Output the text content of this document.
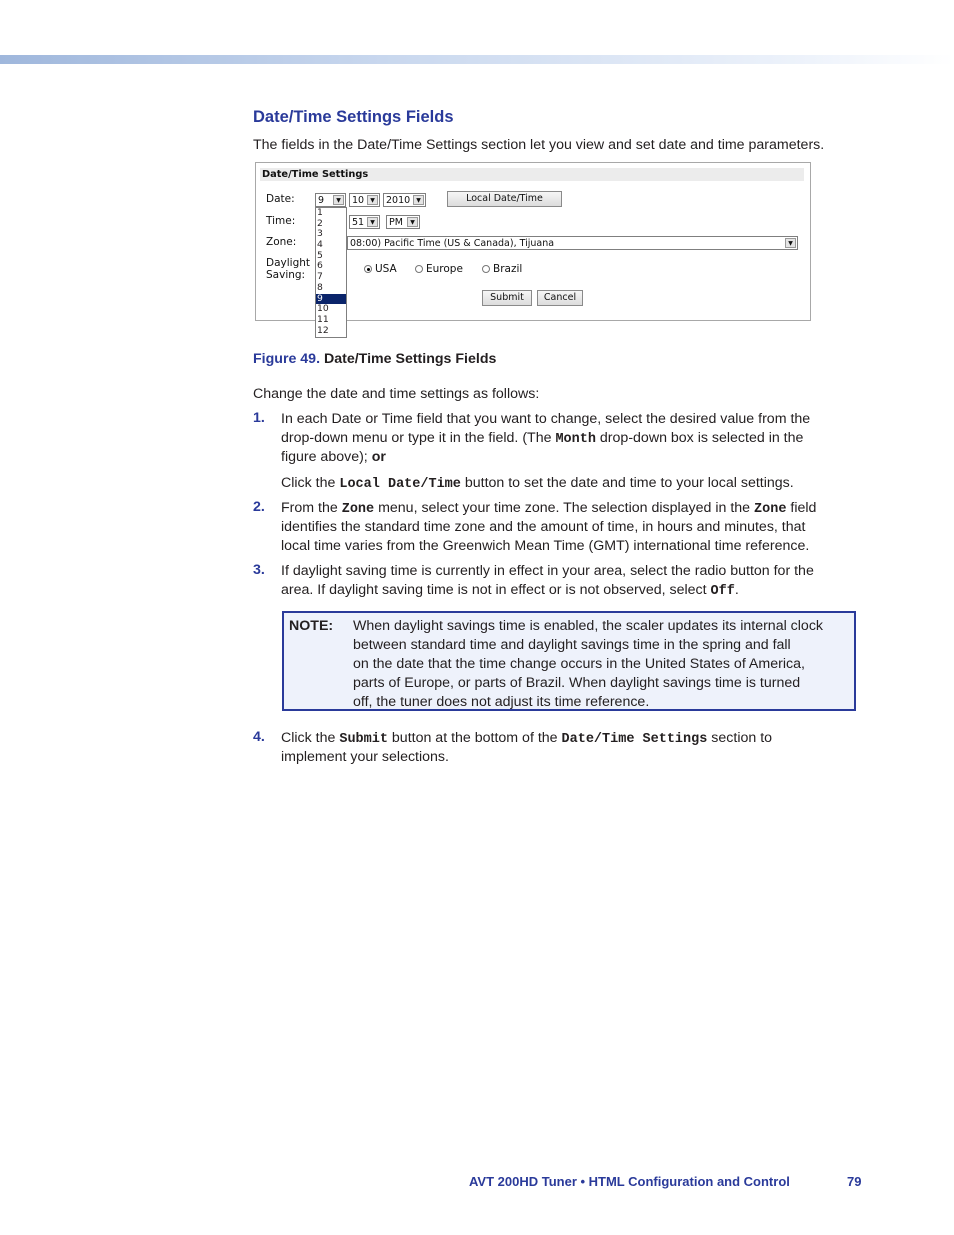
Date/Time Settings Fields
The fields in the Date/Time Settings section let you view and set date and time parameters.
Date/Time Settings
Date:	9	▼	10	▼	2010	▼	Local Date/Time
Time:	51	▼	PM	▼
Zone:	08:00) Pacific Time (US & Canada), Tijuana	▼
Daylight
Saving:	USA	Europe	Brazil
Submit	Cancel
1
2
3
4
5
6
7
8
9
10
11
12
Figure 49. Date/Time Settings Fields
Change the date and time settings as follows:
1. In each Date or Time field that you want to change, select the desired value from the
drop-down menu or type it in the field. (The Month drop-down box is selected in the
figure above); or
Click the Local Date/Time button to set the date and time to your local settings.
2. From the Zone menu, select your time zone. The selection displayed in the Zone field
identifies the standard time zone and the amount of time, in hours and minutes, that
local time varies from the Greenwich Mean Time (GMT) international time reference.
3. If daylight saving time is currently in effect in your area, select the radio button for the
area. If daylight saving time is not in effect or is not observed, select Off.
NOTE: When daylight savings time is enabled, the scaler updates its internal clock
between standard time and daylight savings time in the spring and fall
on the date that the time change occurs in the United States of America,
parts of Europe, or parts of Brazil. When daylight savings time is turned
off, the tuner does not adjust its time reference.
4. Click the Submit button at the bottom of the Date/Time Settings section to
implement your selections.
AVT 200HD Tuner • HTML Configuration and Control	79
